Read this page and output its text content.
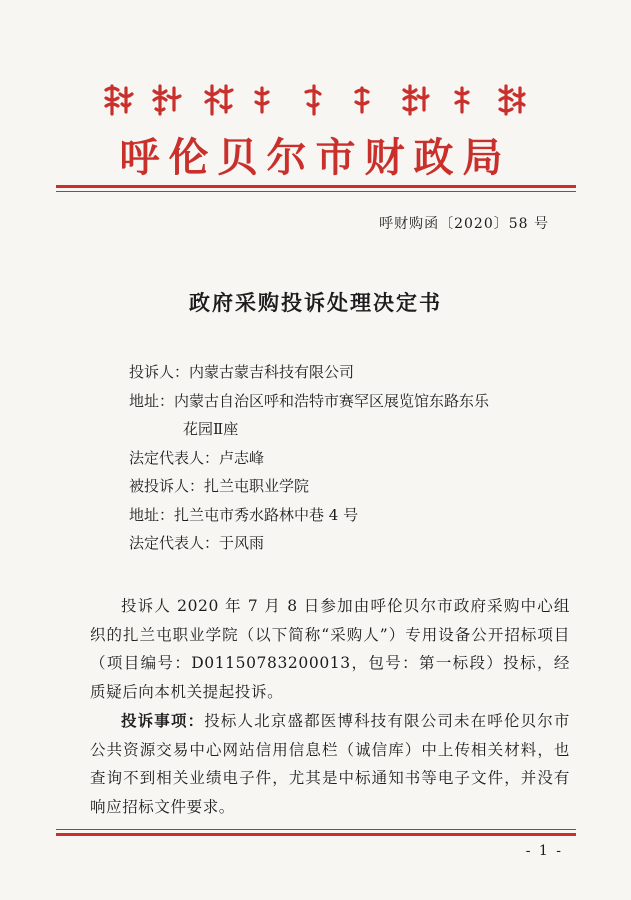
呼伦贝尔市财政局
呼财购函〔2020〕58 号
政府采购投诉处理决定书
投诉人：内蒙古蒙吉科技有限公司
地址：内蒙古自治区呼和浩特市赛罕区展览馆东路东乐
花园Ⅱ座
法定代表人：卢志峰
被投诉人：扎兰屯职业学院
地址：扎兰屯市秀水路林中巷 4 号
法定代表人：于风雨

投诉人 2020 年 7 月 8 日参加由呼伦贝尔市政府采购中心组织的扎兰屯职业学院（以下简称“采购人”）专用设备公开招标项目（项目编号：D01150783200013，包号：第一标段）投标，经质疑后向本机关提起投诉。

投诉事项：投标人北京盛都医博科技有限公司未在呼伦贝尔市公共资源交易中心网站信用信息栏（诚信库）中上传相关材料，也查询不到相关业绩电子件，尤其是中标通知书等电子文件，并没有响应招标文件要求。

- 1 -
